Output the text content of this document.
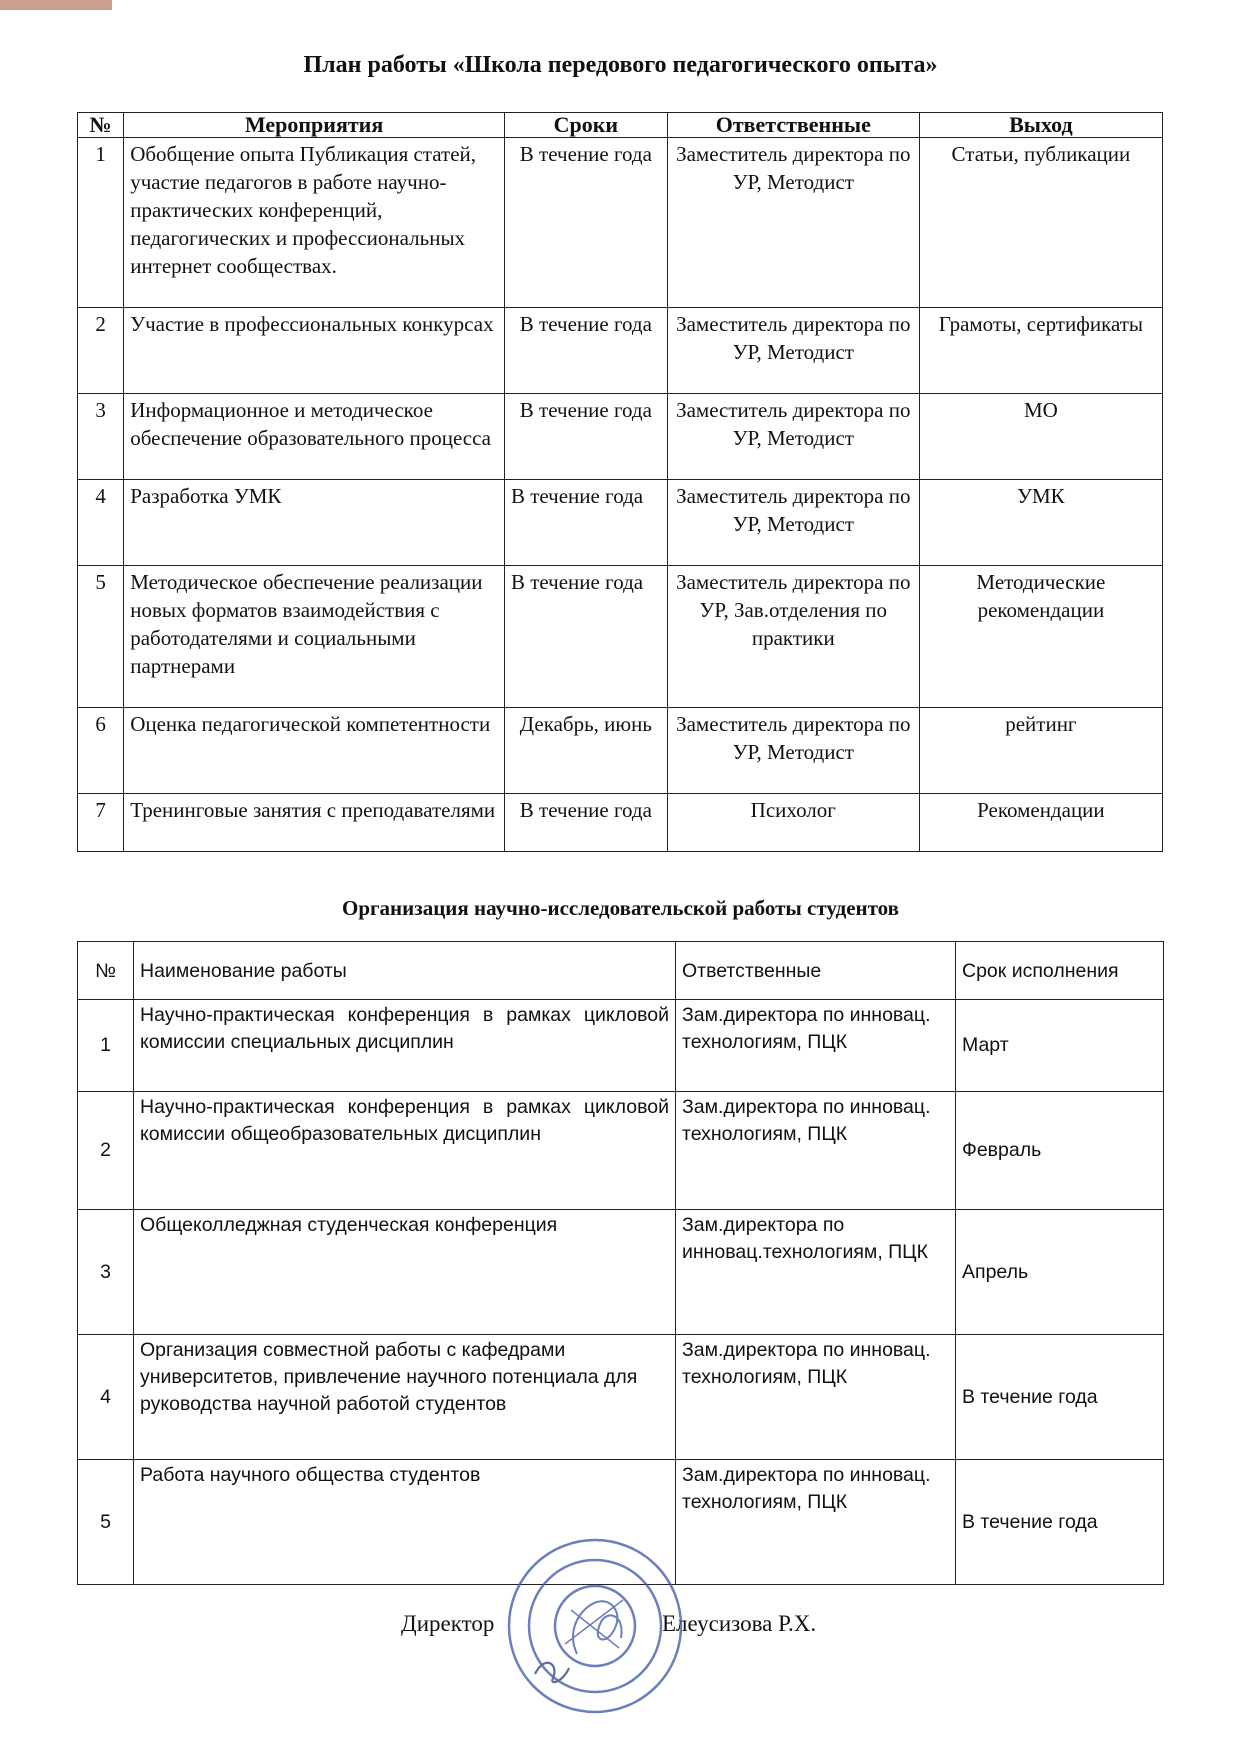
План работы «Школа передового педагогического опыта»
№	Мероприятия	Сроки	Ответственные	Выход
1	Обобщение опыта Публикация статей, участие педагогов в работе научно-практических конференций, педагогических и профессиональных интернет сообществах.	В течение года	Заместитель директора по УР, Методист	Статьи, публикации
2	Участие в профессиональных конкурсах	В течение года	Заместитель директора по УР, Методист	Грамоты, сертификаты
3	Информационное и методическое обеспечение образовательного процесса	В течение года	Заместитель директора по УР, Методист	МО
4	Разработка УМК	В течение года	Заместитель директора по УР, Методист	УМК
5	Методическое обеспечение реализации новых форматов взаимодействия с работодателями и социальными партнерами	В течение года	Заместитель директора по УР, Зав.отделения по практики	Методические рекомендации
6	Оценка педагогической компетентности	Декабрь, июнь	Заместитель директора по УР, Методист	рейтинг
7	Тренинговые занятия с преподавателями	В течение года	Психолог	Рекомендации
Организация научно-исследовательской работы студентов
№	Наименование работы	Ответственные	Срок исполнения
1	Научно-практическая конференция в рамках цикловой комиссии специальных дисциплин	Зам.директора по инновац. технологиям, ПЦК	Март
2	Научно-практическая конференция в рамках цикловой комиссии общеобразовательных дисциплин	Зам.директора по инновац. технологиям, ПЦК	Февраль
3	Общеколледжная студенческая конференция	Зам.директора по инновац.технологиям, ПЦК	Апрель
4	Организация совместной работы с кафедрами университетов, привлечение научного потенциала для руководства научной работой студентов	Зам.директора по инновац. технологиям, ПЦК	В течение года
5	Работа научного общества студентов	Зам.директора по инновац. технологиям, ПЦК	В течение года
Директор	Елеусизова Р.Х.
